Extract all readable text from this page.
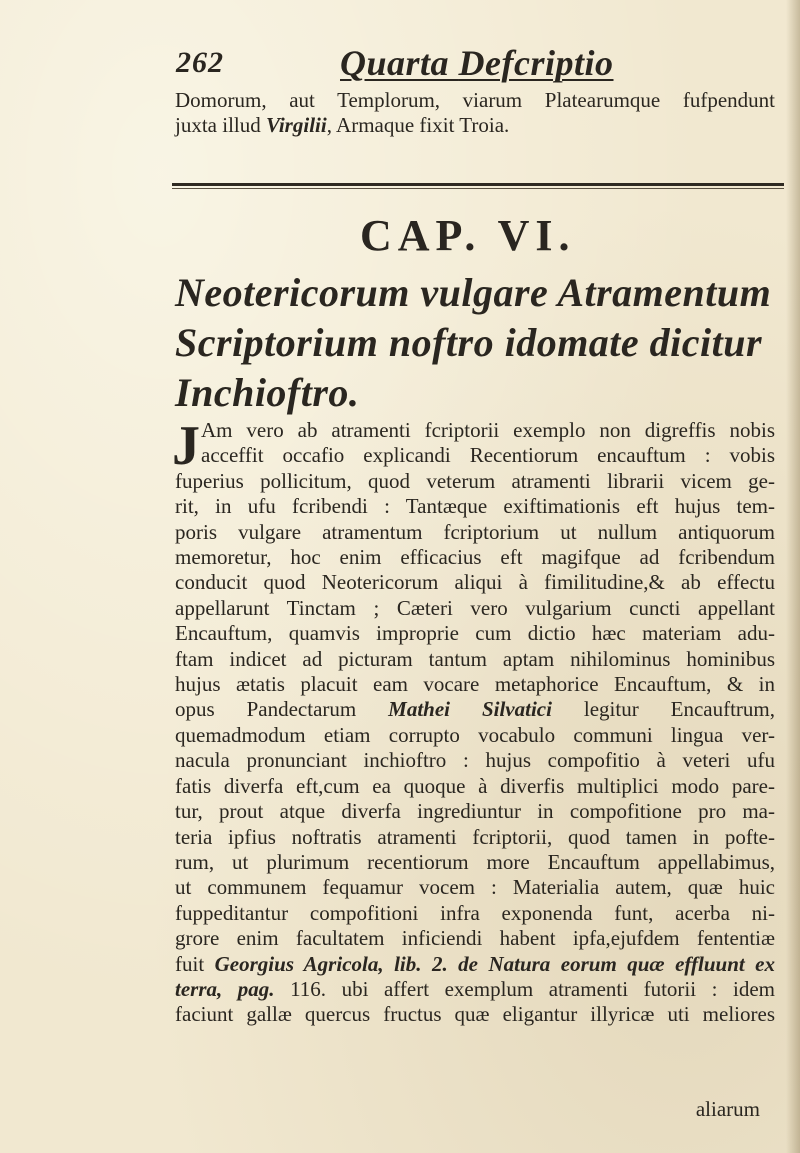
262	Quarta Defcriptio
Domorum, aut Templorum, viarum Platearumque fufpendunt
juxta illud Virgilii, Armaque fixit Troia.
CAP. VI.
Neotericorum vulgare Atramentum
Scriptorium noftro idomate dicitur
Inchioftro.
J Am vero ab atramenti fcriptorii exemplo non digreffis nobis
acceffit occafio explicandi Recentiorum encauftum : vobis
fuperius pollicitum, quod veterum atramenti librarii vicem ge-
rit, in ufu fcribendi : Tantæque exiftimationis eft hujus tem-
poris vulgare atramentum fcriptorium ut nullum antiquorum
memoretur, hoc enim efficacius eft magifque ad fcribendum
conducit quod Neotericorum aliqui à fimilitudine,& ab effectu
appellarunt Tinctam ; Cæteri vero vulgarium cuncti appellant
Encauftum, quamvis improprie cum dictio hæc materiam adu-
ftam indicet ad picturam tantum aptam nihilominus hominibus
hujus ætatis placuit eam vocare metaphorice Encauftum, & in
opus Pandectarum Mathei Silvatici legitur Encauftrum,
quemadmodum etiam corrupto vocabulo communi lingua ver-
nacula pronunciant inchioftro : hujus compofitio à veteri ufu
fatis diverfa eft,cum ea quoque à diverfis multiplici modo pare-
tur, prout atque diverfa ingrediuntur in compofitione pro ma-
teria ipfius noftratis atramenti fcriptorii, quod tamen in pofte-
rum, ut plurimum recentiorum more Encauftum appellabimus,
ut communem fequamur vocem : Materialia autem, quæ huic
fuppeditantur compofitioni infra exponenda funt, acerba ni-
grore enim facultatem inficiendi habent ipfa,ejufdem fententiæ
fuit Georgius Agricola, lib. 2. de Natura eorum quæ effluunt ex
terra, pag. 116. ubi affert exemplum atramenti futorii : idem
faciunt gallæ quercus fructus quæ eligantur illyricæ uti meliores
aliarum
